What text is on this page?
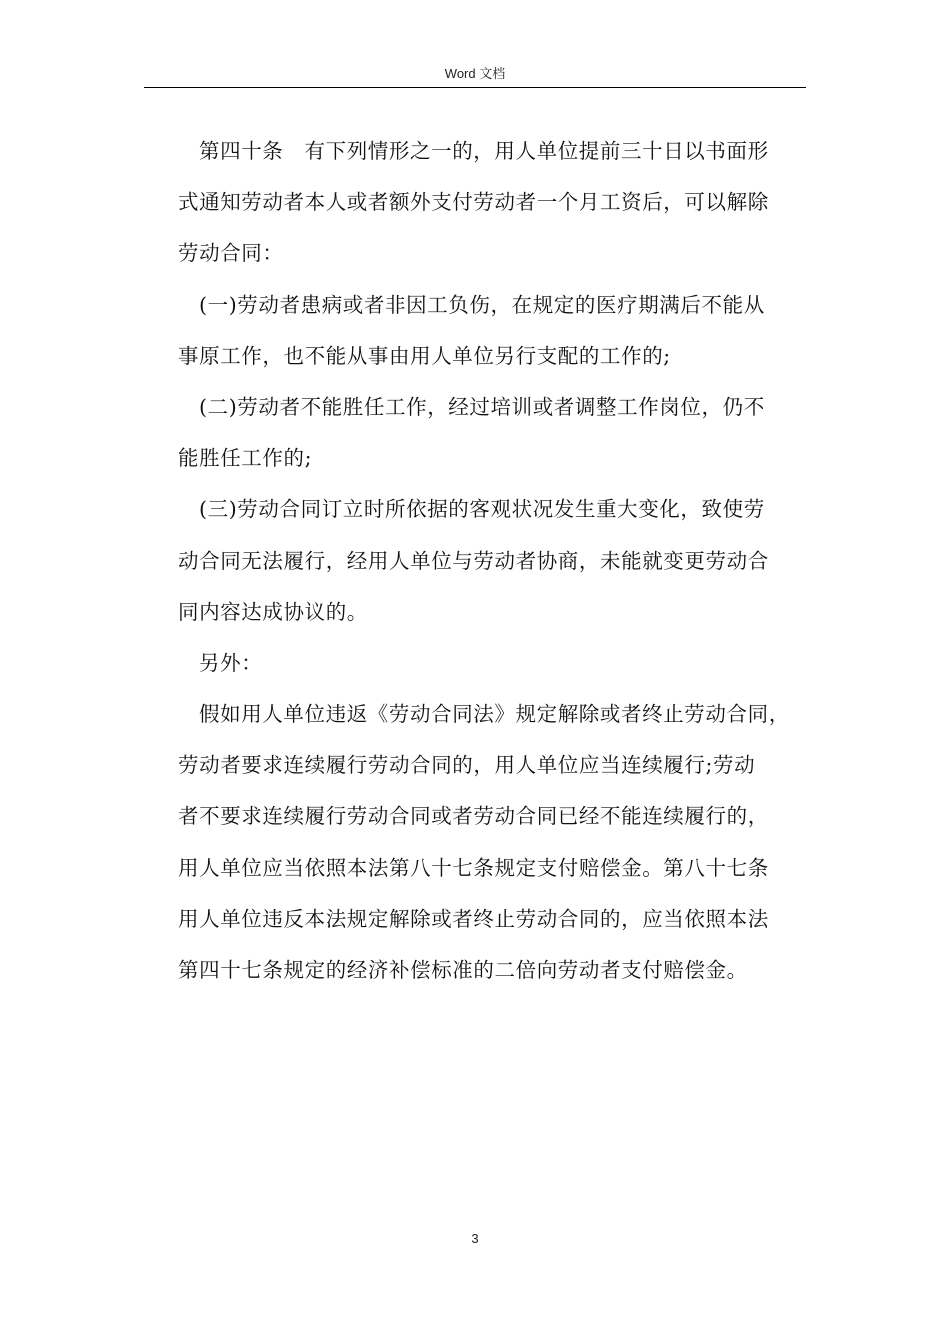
Word 文档
第四十条　有下列情形之一的，用人单位提前三十日以书面形
式通知劳动者本人或者额外支付劳动者一个月工资后，可以解除
劳动合同：
(一)劳动者患病或者非因工负伤，在规定的医疗期满后不能从
事原工作，也不能从事由用人单位另行支配的工作的;
(二)劳动者不能胜任工作，经过培训或者调整工作岗位，仍不
能胜任工作的;
(三)劳动合同订立时所依据的客观状况发生重大变化，致使劳
动合同无法履行，经用人单位与劳动者协商，未能就变更劳动合
同内容达成协议的。
另外：
假如用人单位违返《劳动合同法》规定解除或者终止劳动合同，
劳动者要求连续履行劳动合同的，用人单位应当连续履行;劳动
者不要求连续履行劳动合同或者劳动合同已经不能连续履行的，
用人单位应当依照本法第八十七条规定支付赔偿金。第八十七条
用人单位违反本法规定解除或者终止劳动合同的，应当依照本法
第四十七条规定的经济补偿标准的二倍向劳动者支付赔偿金。
3
